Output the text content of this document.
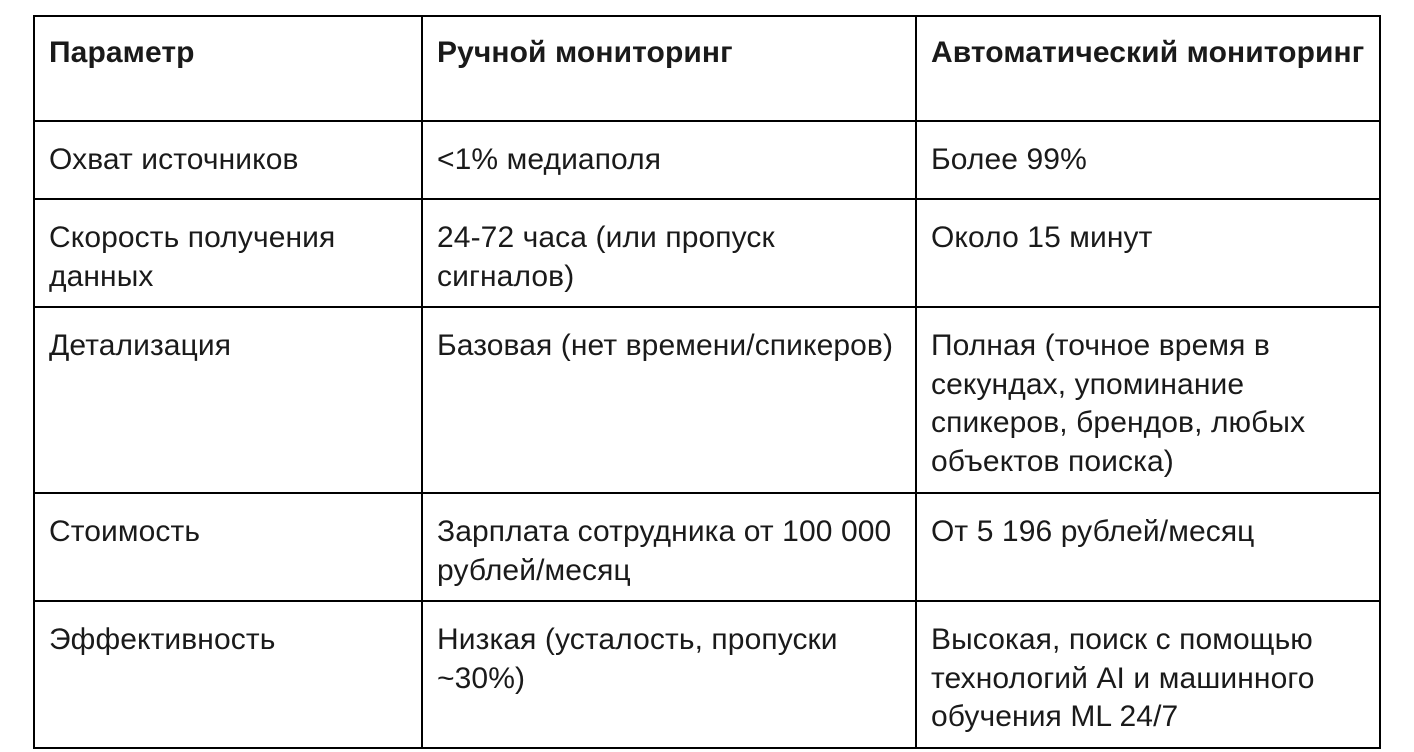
Параметр	Ручной мониторинг	Автоматический мониторинг
Охват источников	<1% медиаполя	Более 99%
Скорость получения данных	24-72 часа (или пропуск сигналов)	Около 15 минут
Детализация	Базовая (нет времени/спикеров)	Полная (точное время в секундах, упоминание спикеров, брендов, любых объектов поиска)
Стоимость	Зарплата сотрудника от 100 000 рублей/месяц	От 5 196 рублей/месяц
Эффективность	Низкая (усталость, пропуски ~30%)	Высокая, поиск с помощью технологий AI и машинного обучения ML 24/7
